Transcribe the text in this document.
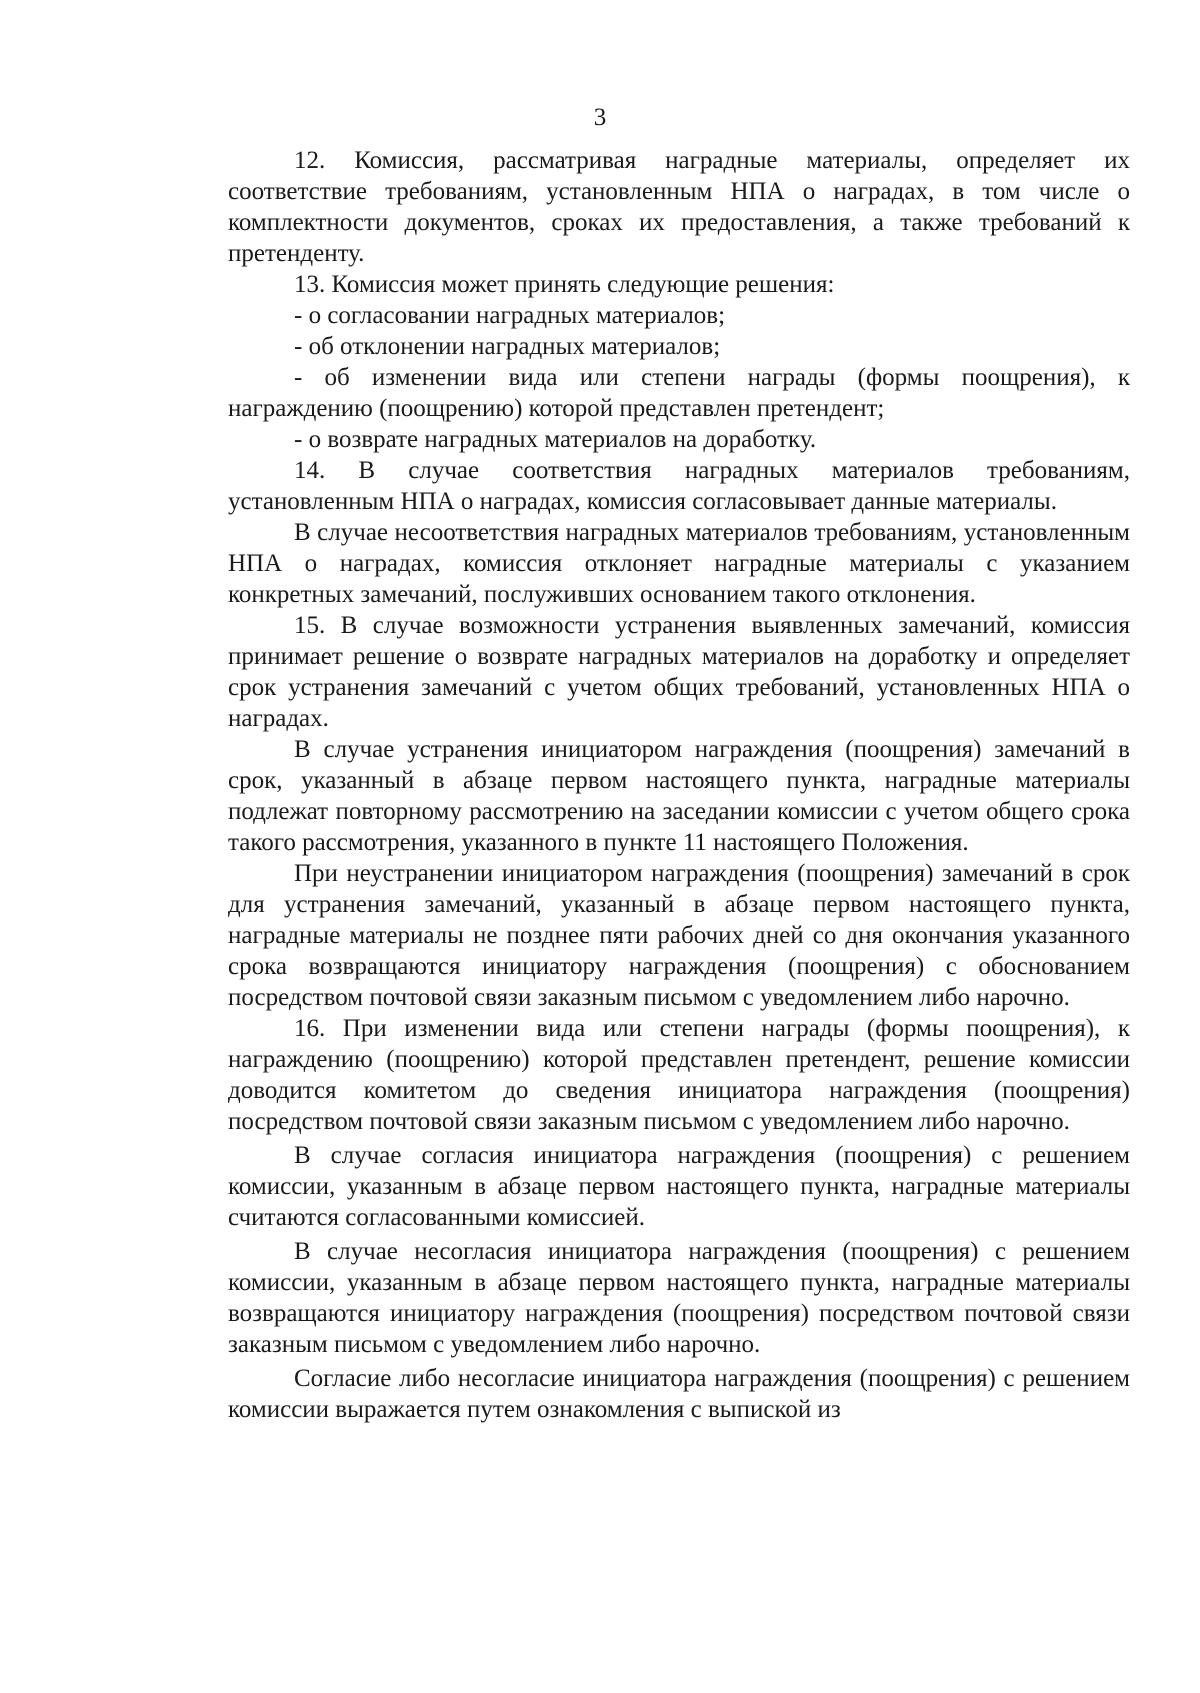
3

12. Комиссия, рассматривая наградные материалы, определяет их соответствие требованиям, установленным НПА о наградах, в том числе о комплектности документов, сроках их предоставления, а также требований к претенденту.

13. Комиссия может принять следующие решения:

- о согласовании наградных материалов;

- об отклонении наградных материалов;

- об изменении вида или степени награды (формы поощрения), к награждению (поощрению) которой представлен претендент;

- о возврате наградных материалов на доработку.

14. В случае соответствия наградных материалов требованиям, установленным НПА о наградах, комиссия согласовывает данные материалы.

В случае несоответствия наградных материалов требованиям, установленным НПА о наградах, комиссия отклоняет наградные материалы с указанием конкретных замечаний, послуживших основанием такого отклонения.

15. В случае возможности устранения выявленных замечаний, комиссия принимает решение о возврате наградных материалов на доработку и определяет срок устранения замечаний с учетом общих требований, установленных НПА о наградах.

В случае устранения инициатором награждения (поощрения) замечаний в срок, указанный в абзаце первом настоящего пункта, наградные материалы подлежат повторному рассмотрению на заседании комиссии с учетом общего срока такого рассмотрения, указанного в пункте 11 настоящего Положения.

При неустранении инициатором награждения (поощрения) замечаний в срок для устранения замечаний, указанный в абзаце первом настоящего пункта, наградные материалы не позднее пяти рабочих дней со дня окончания указанного срока возвращаются инициатору награждения (поощрения) с обоснованием посредством почтовой связи заказным письмом с уведомлением либо нарочно.

16. При изменении вида или степени награды (формы поощрения), к награждению (поощрению) которой представлен претендент, решение комиссии доводится комитетом до сведения инициатора награждения (поощрения) посредством почтовой связи заказным письмом с уведомлением либо нарочно.

В случае согласия инициатора награждения (поощрения) с решением комиссии, указанным в абзаце первом настоящего пункта, наградные материалы считаются согласованными комиссией.

В случае несогласия инициатора награждения (поощрения) с решением комиссии, указанным в абзаце первом настоящего пункта, наградные материалы возвращаются инициатору награждения (поощрения) посредством почтовой связи заказным письмом с уведомлением либо нарочно.

Согласие либо несогласие инициатора награждения (поощрения) с решением комиссии выражается путем ознакомления с выпиской из
